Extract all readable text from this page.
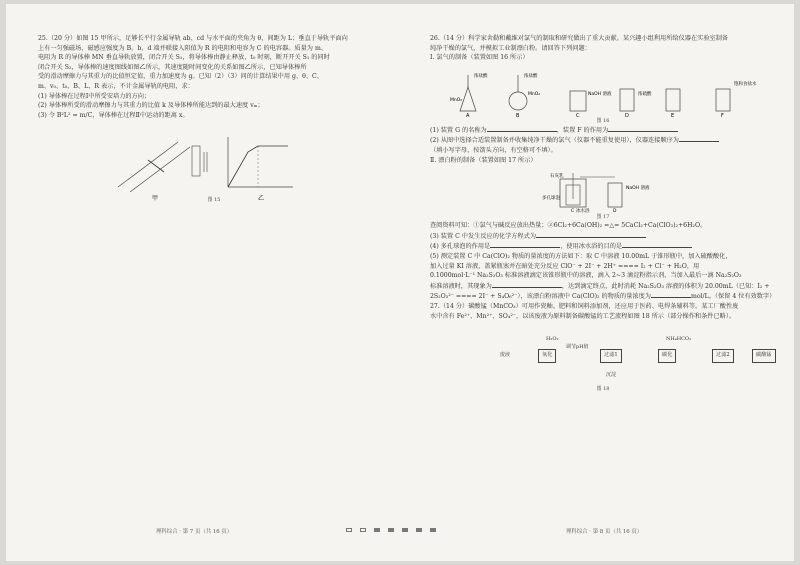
25.（20 分）如图 15 甲所示，足够长平行金属导轨 ab、cd 与水平面的夹角为 θ，间距为 L；垂直于导轨平面向

上有一匀强磁场，磁感应强度为 B。b、d 端并联接入阻值为 R 的电阻和电容为 C 的电容器。质量为 m、

电阻为 R 的导体棒 MN 垂直导轨放置，闭合开关 S₁，将导体棒由静止释放，t₀ 时刻，断开开关 S₁ 的同时

闭合开关 S₂，导体棒的速度图线如图乙所示，其速度随时间变化的关系如图乙所示，已知导体棒所

受的滑动摩擦力与其重力的比值恒定值，重力加速度为 g。已知（2）（3）问的计算结果中用 g、θ、C、

m、v₀、t₀、B、L、R 表示，不计金属导轨的电阻，求：

(1) 导体棒在过程Ⅰ中所受安培力的方向；

(2) 导体棒所受的滑动摩擦力与其重力的比值 k 及导体棒所能达到的最大速度 vₘ；

(3) 令 B²L² = m/C，导体棒在过程Ⅱ中运动的距离 x。

甲	乙
图 15

26.（14 分）科学家舍勒和戴维对氯气的制取和研究做出了重大贡献。某兴趣小组利用所给仪器在实验室制备

纯净干燥的氯气，并模拟工业制漂白粉。请回答下列问题：

Ⅰ. 氯气的制备（装置如图 16 所示）

A	B	C	D	E	F
浓盐酸
MnO₂
浓盐酸
MnO₂	NaOH 溶液	浓硫酸
饱和食盐水
图 16

(1) 装置 G 的名称为	，装置 F 的作用为

(2) 从图中选择合适装置制备并收集纯净干燥的氯气（仪器不能重复使用），仪器连接顺序为

（填小写字母，按箭头方向，有空格可不填）。

Ⅱ. 漂白粉的制备（装置如图 17 所示）

石灰乳
多孔球泡
冰水浴
NaOH 溶液
C	D
图 17

查阅资料可知：①氯气与碱反应放出热量；②6Cl₂+6Ca(OH)₂ =△= 5CaCl₂+Ca(ClO₃)₂+6H₂O。

(3) 装置 C 中发生反应的化学方程式为

(4) 多孔球泡的作用是	，使用冰水浴的目的是

(5) 测定装置 C 中 Ca(ClO)₂ 物质的量浓度的方法如下：取 C 中溶液 10.00mL 于锥形瓶中，加入硫酸酸化，

加入过量 KI 溶液，盖紧瓶塞并在暗处充分反应 ClO⁻ + 2I⁻ + 2H⁺ ==== I₂ + Cl⁻ + H₂O，用

0.1000mol·L⁻¹ Na₂S₂O₃ 标准溶液滴定该锥形瓶中的溶液，滴入 2~3 滴淀粉指示剂，当加入最后一滴 Na₂S₂O₃

标准溶液时，其现象为	，达到滴定终点，此时消耗 Na₂S₂O₃ 溶液的体积为 20.00mL（已知：I₂ +

2S₂O₃²⁻ ==== 2I⁻ + S₄O₆²⁻），该漂白粉溶液中 Ca(ClO)₂ 的物质的量浓度为	mol/L。（保留 4 位有效数字）

27.（14 分）碳酸锰（MnCO₃）可用作瓷釉、肥料和饲料添加剂，还应用于医药、电焊条辅料等。某工厂酸性废

水中含有 Fe²⁺、Mn²⁺、SO₄²⁻，以该废液为原料制备碳酸锰的工艺流程如图 18 所示（部分操作和条件已略）。

废液	氧化	过滤1	碳化	过滤2	碳酸锰
H₂O₂
调节pH值
NH₄HCO₃
沉淀
图 18
理科综合 · 第 7 页（共 16 页）	理科综合 · 第 8 页（共 16 页）
